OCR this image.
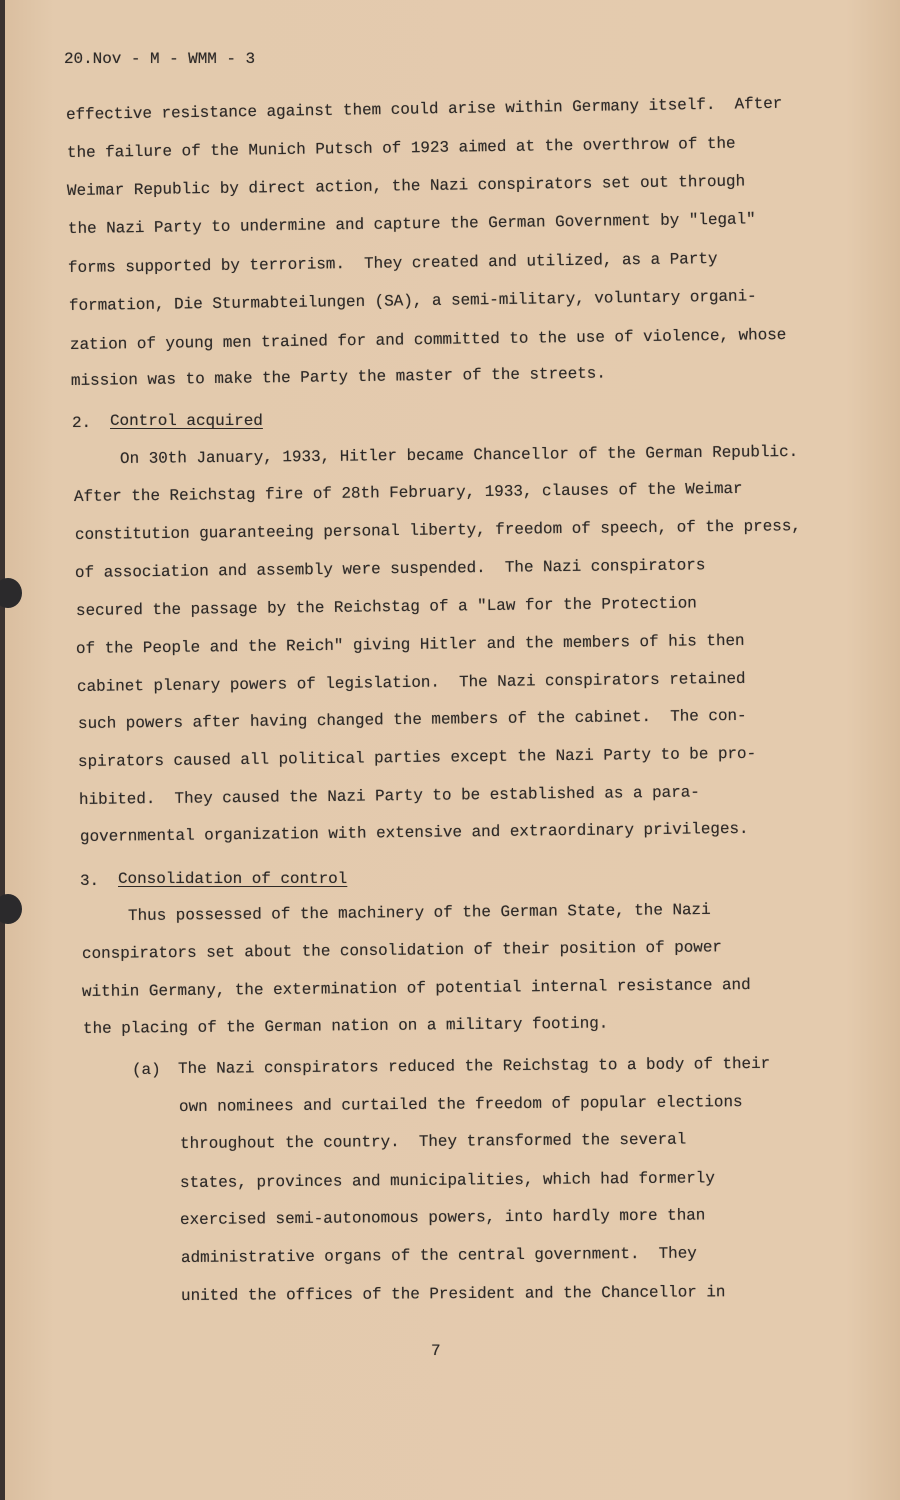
20.Nov - M - WMM - 3
effective resistance against them could arise within Germany itself.  After
the failure of the Munich Putsch of 1923 aimed at the overthrow of the
Weimar Republic by direct action, the Nazi conspirators set out through
the Nazi Party to undermine and capture the German Government by "legal"
forms supported by terrorism.  They created and utilized, as a Party
formation, Die Sturmabteilungen (SA), a semi-military, voluntary organi-
zation of young men trained for and committed to the use of violence, whose
mission was to make the Party the master of the streets.
2. Control acquired
On 30th January, 1933, Hitler became Chancellor of the German Republic.
After the Reichstag fire of 28th February, 1933, clauses of the Weimar
constitution guaranteeing personal liberty, freedom of speech, of the press,
of association and assembly were suspended.  The Nazi conspirators
secured the passage by the Reichstag of a "Law for the Protection
of the People and the Reich" giving Hitler and the members of his then
cabinet plenary powers of legislation.  The Nazi conspirators retained
such powers after having changed the members of the cabinet.  The con-
spirators caused all political parties except the Nazi Party to be pro-
hibited.  They caused the Nazi Party to be established as a para-
governmental organization with extensive and extraordinary privileges.
3. Consolidation of control
Thus possessed of the machinery of the German State, the Nazi
conspirators set about the consolidation of their position of power
within Germany, the extermination of potential internal resistance and
the placing of the German nation on a military footing.
(a) The Nazi conspirators reduced the Reichstag to a body of their
own nominees and curtailed the freedom of popular elections
throughout the country.  They transformed the several
states, provinces and municipalities, which had formerly
exercised semi-autonomous powers, into hardly more than
administrative organs of the central government.  They
united the offices of the President and the Chancellor in
7
